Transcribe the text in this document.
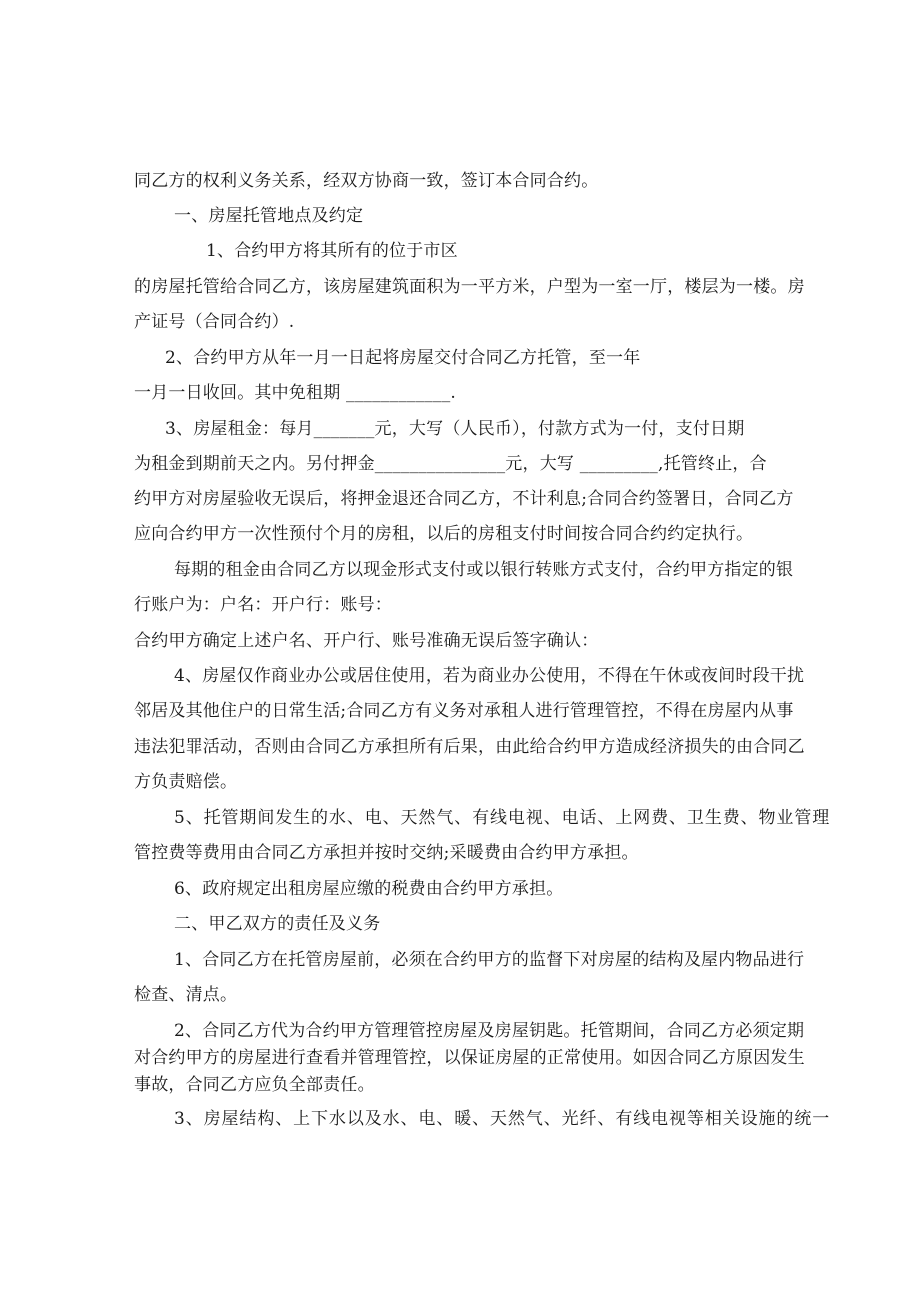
同乙方的权利义务关系，经双方协商一致，签订本合同合约。
一、房屋托管地点及约定
1、合约甲方将其所有的位于市区
的房屋托管给合同乙方，该房屋建筑面积为一平方米，户型为一室一厅，楼层为一楼。房
产证号（合同合约）.
2、合约甲方从年一月一日起将房屋交付合同乙方托管，至一年
一月一日收回。其中免租期 ____________.
3、房屋租金：每月_______元，大写（人民币），付款方式为一付，支付日期
为租金到期前天之内。另付押金_______________元，大写 _________,托管终止，合
约甲方对房屋验收无误后，将押金退还合同乙方，不计利息;合同合约签署日，合同乙方
应向合约甲方一次性预付个月的房租，以后的房租支付时间按合同合约约定执行。
每期的租金由合同乙方以现金形式支付或以银行转账方式支付，合约甲方指定的银
行账户为：户名：开户行：账号：
合约甲方确定上述户名、开户行、账号准确无误后签字确认：
4、房屋仅作商业办公或居住使用，若为商业办公使用，不得在午休或夜间时段干扰
邻居及其他住户的日常生活;合同乙方有义务对承租人进行管理管控，不得在房屋内从事
违法犯罪活动，否则由合同乙方承担所有后果，由此给合约甲方造成经济损失的由合同乙
方负责赔偿。
5、托管期间发生的水、电、天然气、有线电视、电话、上网费、卫生费、物业管理
管控费等费用由合同乙方承担并按时交纳;采暖费由合约甲方承担。
6、政府规定出租房屋应缴的税费由合约甲方承担。
二、甲乙双方的责任及义务
1、合同乙方在托管房屋前，必须在合约甲方的监督下对房屋的结构及屋内物品进行
检查、清点。
2、合同乙方代为合约甲方管理管控房屋及房屋钥匙。托管期间，合同乙方必须定期
对合约甲方的房屋进行查看并管理管控，以保证房屋的正常使用。如因合同乙方原因发生
事故，合同乙方应负全部责任。
3、房屋结构、上下水以及水、电、暖、天然气、光纤、有线电视等相关设施的统一
